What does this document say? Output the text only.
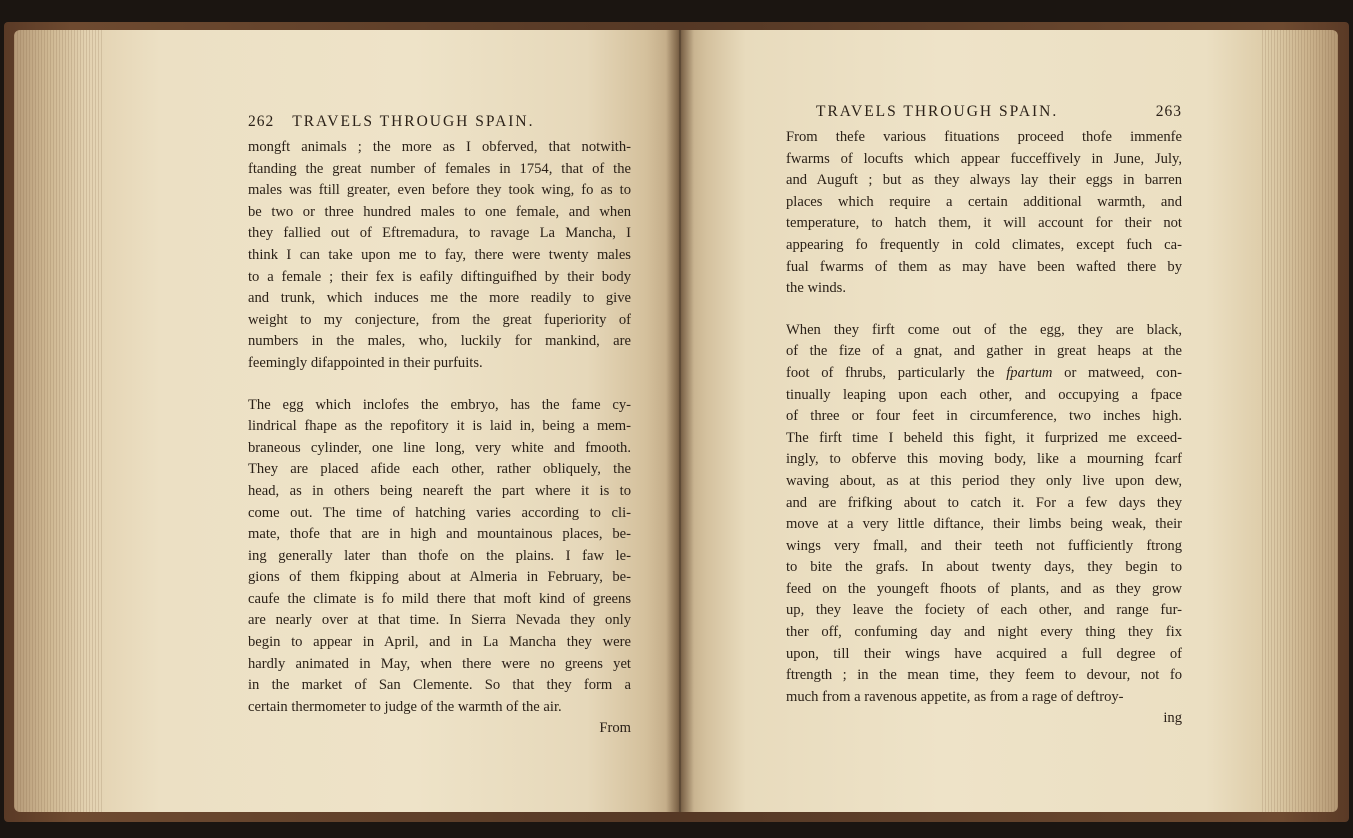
262 TRAVELS THROUGH SPAIN.
mongft animals ; the more as I obferved, that notwith-
ftanding the great number of females in 1754, that of the
males was ftill greater, even before they took wing, fo as to
be two or three hundred males to one female, and when
they fallied out of Eftremadura, to ravage La Mancha, I
think I can take upon me to fay, there were twenty males
to a female ; their fex is eafily diftinguifhed by their body
and trunk, which induces me the more readily to give
weight to my conjecture, from the great fuperiority of
numbers in the males, who, luckily for mankind, are
feemingly difappointed in their purfuits.
The egg which inclofes the embryo, has the fame cy-
lindrical fhape as the repofitory it is laid in, being a mem-
braneous cylinder, one line long, very white and fmooth.
They are placed afide each other, rather obliquely, the
head, as in others being neareft the part where it is to
come out. The time of hatching varies according to cli-
mate, thofe that are in high and mountainous places, be-
ing generally later than thofe on the plains. I faw le-
gions of them fkipping about at Almeria in February, be-
caufe the climate is fo mild there that moft kind of greens
are nearly over at that time. In Sierra Nevada they only
begin to appear in April, and in La Mancha they were
hardly animated in May, when there were no greens yet
in the market of San Clemente. So that they form a
certain thermometer to judge of the warmth of the air.
From
TRAVELS THROUGH SPAIN.	263
From thefe various fituations proceed thofe immenfe
fwarms of locufts which appear fucceffively in June, July,
and Auguft ; but as they always lay their eggs in barren
places which require a certain additional warmth, and
temperature, to hatch them, it will account for their not
appearing fo frequently in cold climates, except fuch ca-
fual fwarms of them as may have been wafted there by
the winds.
When they firft come out of the egg, they are black,
of the fize of a gnat, and gather in great heaps at the
foot of fhrubs, particularly the fpartum or matweed, con-
tinually leaping upon each other, and occupying a fpace
of three or four feet in circumference, two inches high.
The firft time I beheld this fight, it furprized me exceed-
ingly, to obferve this moving body, like a mourning fcarf
waving about, as at this period they only live upon dew,
and are frifking about to catch it. For a few days they
move at a very little diftance, their limbs being weak, their
wings very fmall, and their teeth not fufficiently ftrong
to bite the grafs. In about twenty days, they begin to
feed on the youngeft fhoots of plants, and as they grow
up, they leave the fociety of each other, and range fur-
ther off, confuming day and night every thing they fix
upon, till their wings have acquired a full degree of
ftrength ; in the mean time, they feem to devour, not fo
much from a ravenous appetite, as from a rage of deftroy-
ing
